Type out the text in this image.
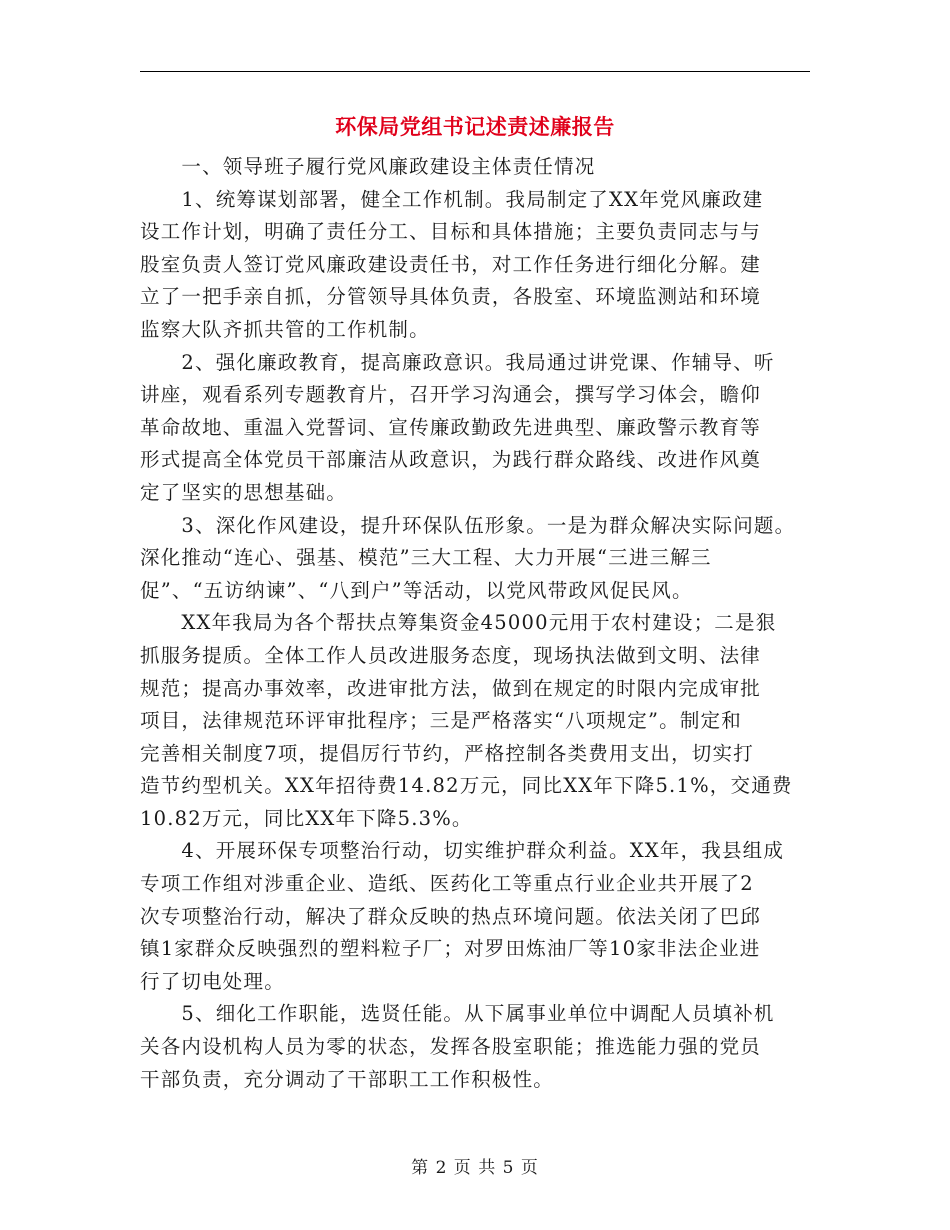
环保局党组书记述责述廉报告
　　一、领导班子履行党风廉政建设主体责任情况
　　1、统筹谋划部署，健全工作机制。我局制定了XX年党风廉政建
设工作计划，明确了责任分工、目标和具体措施；主要负责同志与与
股室负责人签订党风廉政建设责任书，对工作任务进行细化分解。建
立了一把手亲自抓，分管领导具体负责，各股室、环境监测站和环境
监察大队齐抓共管的工作机制。
　　2、强化廉政教育，提高廉政意识。我局通过讲党课、作辅导、听
讲座，观看系列专题教育片，召开学习沟通会，撰写学习体会，瞻仰
革命故地、重温入党誓词、宣传廉政勤政先进典型、廉政警示教育等
形式提高全体党员干部廉洁从政意识，为践行群众路线、改进作风奠
定了坚实的思想基础。
　　3、深化作风建设，提升环保队伍形象。一是为群众解决实际问题。
深化推动“连心、强基、模范”三大工程、大力开展“三进三解三
促”、“五访纳谏”、“八到户”等活动，以党风带政风促民风。
　　XX年我局为各个帮扶点筹集资金45000元用于农村建设；二是狠
抓服务提质。全体工作人员改进服务态度，现场执法做到文明、法律
规范；提高办事效率，改进审批方法，做到在规定的时限内完成审批
项目，法律规范环评审批程序；三是严格落实“八项规定”。制定和
完善相关制度7项，提倡厉行节约，严格控制各类费用支出，切实打
造节约型机关。XX年招待费14.82万元，同比XX年下降5.1%，交通费
10.82万元，同比XX年下降5.3%。
　　4、开展环保专项整治行动，切实维护群众利益。XX年，我县组成
专项工作组对涉重企业、造纸、医药化工等重点行业企业共开展了2
次专项整治行动，解决了群众反映的热点环境问题。依法关闭了巴邱
镇1家群众反映强烈的塑料粒子厂；对罗田炼油厂等10家非法企业进
行了切电处理。
　　5、细化工作职能，选贤任能。从下属事业单位中调配人员填补机
关各内设机构人员为零的状态，发挥各股室职能；推选能力强的党员
干部负责，充分调动了干部职工工作积极性。
第 2 页 共 5 页
